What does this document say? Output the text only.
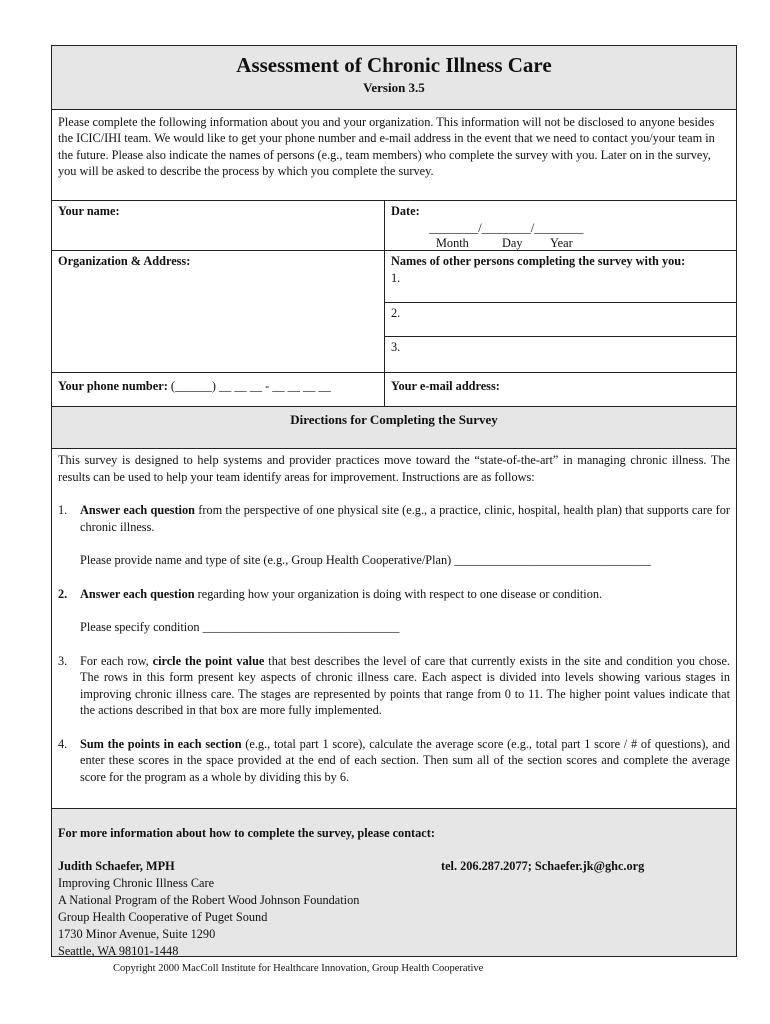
Assessment of Chronic Illness Care
Version 3.5
Please complete the following information about you and your organization. This information will not be disclosed to anyone besides the ICIC/IHI team. We would like to get your phone number and e-mail address in the event that we need to contact you/your team in the future. Please also indicate the names of persons (e.g., team members) who complete the survey with you. Later on in the survey, you will be asked to describe the process by which you complete the survey.
Your name:	Date:
________/________/________
Month	Day Year
Organization & Address:	Names of other persons completing the survey with you:
1.
2.
3.
Your phone number: (______) __ __ __ - __ __ __ __	Your e-mail address:
Directions for Completing the Survey
This survey is designed to help systems and provider practices move toward the “state-of-the-art” in managing chronic illness. The results can be used to help your team identify areas for improvement. Instructions are as follows:
1.	Answer each question from the perspective of one physical site (e.g., a practice, clinic, hospital, health plan) that supports care for chronic illness.
Please provide name and type of site (e.g., Group Health Cooperative/Plan) ________________________________
2.	Answer each question regarding how your organization is doing with respect to one disease or condition.
Please specify condition ________________________________
3.	For each row, circle the point value that best describes the level of care that currently exists in the site and condition you chose. The rows in this form present key aspects of chronic illness care. Each aspect is divided into levels showing various stages in improving chronic illness care. The stages are represented by points that range from 0 to 11. The higher point values indicate that the actions described in that box are more fully implemented.
4.	Sum the points in each section (e.g., total part 1 score), calculate the average score (e.g., total part 1 score / # of questions), and enter these scores in the space provided at the end of each section. Then sum all of the section scores and complete the average score for the program as a whole by dividing this by 6.
For more information about how to complete the survey, please contact:
Judith Schaefer, MPH	tel. 206.287.2077; Schaefer.jk@ghc.org
Improving Chronic Illness Care
A National Program of the Robert Wood Johnson Foundation
Group Health Cooperative of Puget Sound
1730 Minor Avenue, Suite 1290
Seattle, WA 98101-1448
Copyright 2000 MacColl Institute for Healthcare Innovation, Group Health Cooperative
